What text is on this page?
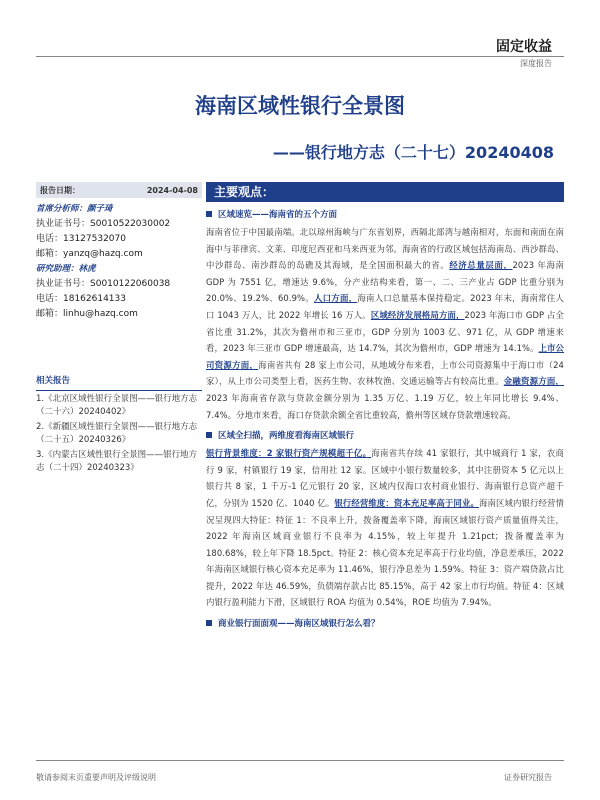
固定收益
深度报告
海南区域性银行全景图
——银行地方志（二十七）20240408
报告日期：	2024-04-08
首席分析师：颜子琦
执业证书号：S0010522030002
电话：13127532070
邮箱：yanzq@hazq.com
研究助理：林虎
执业证书号：S0010122060038
电话：18162614133
邮箱：linhu@hazq.com
相关报告
1.《北京区域性银行全景图——银行地方志（二十六）20240402》
2.《新疆区域性银行全景图——银行地方志（二十五）20240326》
3.《内蒙古区域性银行全景图——银行地方志（二十四）20240323》
主要观点：
区域速览——海南省的五个方面
海南省位于中国最南端。北以琼州海峡与广东省划界，西隔北部湾与越南相对，东面和南面在南海中与菲律宾、文莱、印度尼西亚和马来西亚为邻。海南省的行政区域包括海南岛、西沙群岛、中沙群岛、南沙群岛的岛礁及其海域，是全国面积最大的省。经济总量层面，2023 年海南 GDP 为 7551 亿，增速达 9.6%，分产业结构来看，第一、二、三产业占 GDP 比重分别为 20.0%、19.2%、60.9%。人口方面，海南人口总量基本保持稳定。2023 年末，海南常住人口 1043 万人，比 2022 年增长 16 万人。区域经济发展格局方面，2023 年海口市 GDP 占全省比重 31.2%，其次为儋州市和三亚市，GDP 分别为 1003 亿、971 亿，从 GDP 增速来看，2023 年三亚市 GDP 增速最高，达 14.7%，其次为儋州市，GDP 增速为 14.1%。上市公司资源方面，海南省共有 28 家上市公司，从地域分布来看，上市公司资源集中于海口市（24 家），从上市公司类型上看，医药生物、农林牧渔、交通运输等占有较高比重。金融资源方面，2023 年海南省存款与贷款金额分别为 1.35 万亿、1.19 万亿，较上年同比增长 9.4%、7.4%。分地市来看，海口存贷款余额全省比重较高，儋州等区域存贷款增速较高。
区域全扫描，两维度看海南区域银行
银行背景维度：2 家银行资产规模超千亿。海南省共存续 41 家银行，其中城商行 1 家，农商行 9 家，村镇银行 19 家，信用社 12 家。区域中小银行数量较多，其中注册资本 5 亿元以上银行共 8 家，1 千万-1 亿元银行 20 家，区域内仅海口农村商业银行、海南银行总资产超千亿，分别为 1520 亿、1040 亿。银行经营维度：资本充足率高于同业。海南区域内银行经营情况呈现四大特征：特征 1：不良率上升，拨备覆盖率下降，海南区域银行资产质量值得关注，2022 年海南区域商业银行不良率为 4.15%，较上年提升 1.21pct；拨备覆盖率为 180.68%，较上年下降 18.5pct。特征 2：核心资本充足率高于行业均值，净息差承压，2022 年海南区域银行核心资本充足率为 11.46%，银行净息差为 1.59%。特征 3：资产端贷款占比提升，2022 年达 46.59%，负债端存款占比 85.15%，高于 42 家上市行均值。特征 4：区域内银行盈利能力下滑，区域银行 ROA 均值为 0.54%，ROE 均值为 7.94%。
商业银行面面观——海南区域银行怎么看？
敬请参阅末页重要声明及评级说明	证券研究报告
